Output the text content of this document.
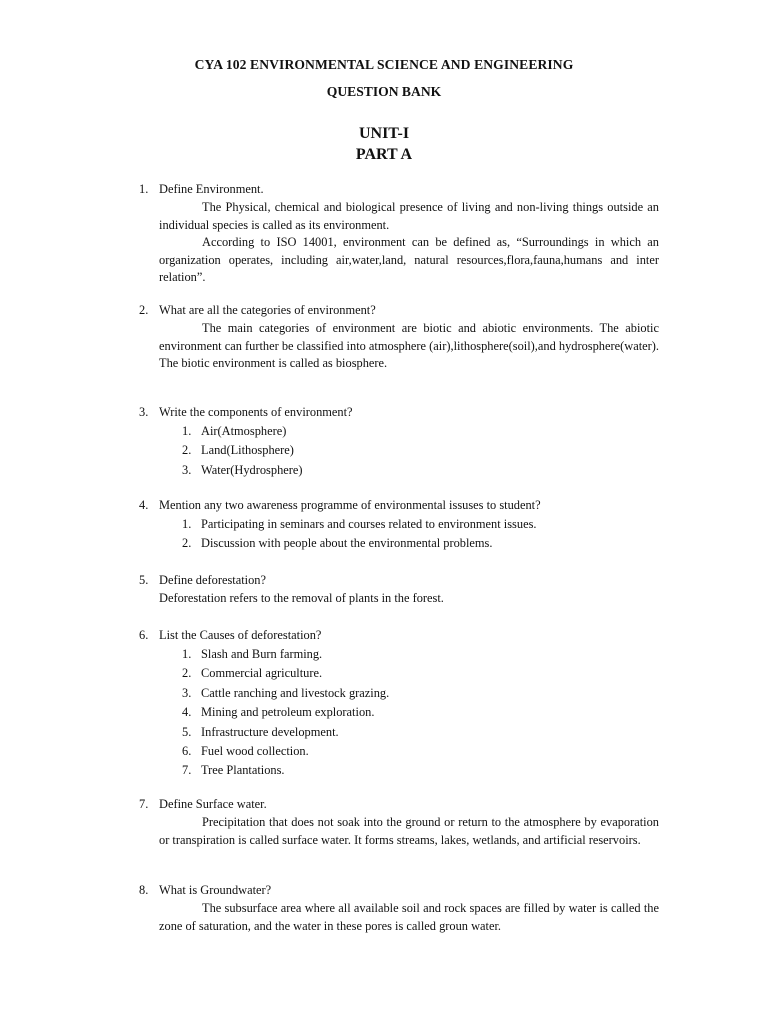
CYA 102 ENVIRONMENTAL SCIENCE AND ENGINEERING

QUESTION BANK

UNIT-I
PART A
1. Define Environment.

The Physical, chemical and biological presence of living and non-living things outside an individual species is called as its environment.

According to ISO 14001, environment can be defined as, “Surroundings in which an organization operates, including air,water,land, natural resources,flora,fauna,humans and inter relation”.

2. What are all the categories of environment?

The main categories of environment are biotic and abiotic environments. The abiotic environment can further be classified into atmosphere (air),lithosphere(soil),and hydrosphere(water). The biotic environment is called as biosphere.

3. Write the components of environment?
1. Air(Atmosphere)
2. Land(Lithosphere)
3. Water(Hydrosphere)
4. Mention any two awareness programme of environmental issuses to student?
1. Participating in seminars and courses related to environment issues.
2. Discussion with people about the environmental problems.
5. Define deforestation?

Deforestation refers to the removal of plants in the forest.

6. List the Causes of deforestation?
1. Slash and Burn farming.
2. Commercial agriculture.
3. Cattle ranching and livestock grazing.
4. Mining and petroleum exploration.
5. Infrastructure development.
6. Fuel wood collection.
7. Tree Plantations.
7. Define Surface water.

Precipitation that does not soak into the ground or return to the atmosphere by evaporation or transpiration is called surface water. It forms streams, lakes, wetlands, and artificial reservoirs.

8. What is Groundwater?

The subsurface area where all available soil and rock spaces are filled by water is called the zone of saturation, and the water in these pores is called groun water.
